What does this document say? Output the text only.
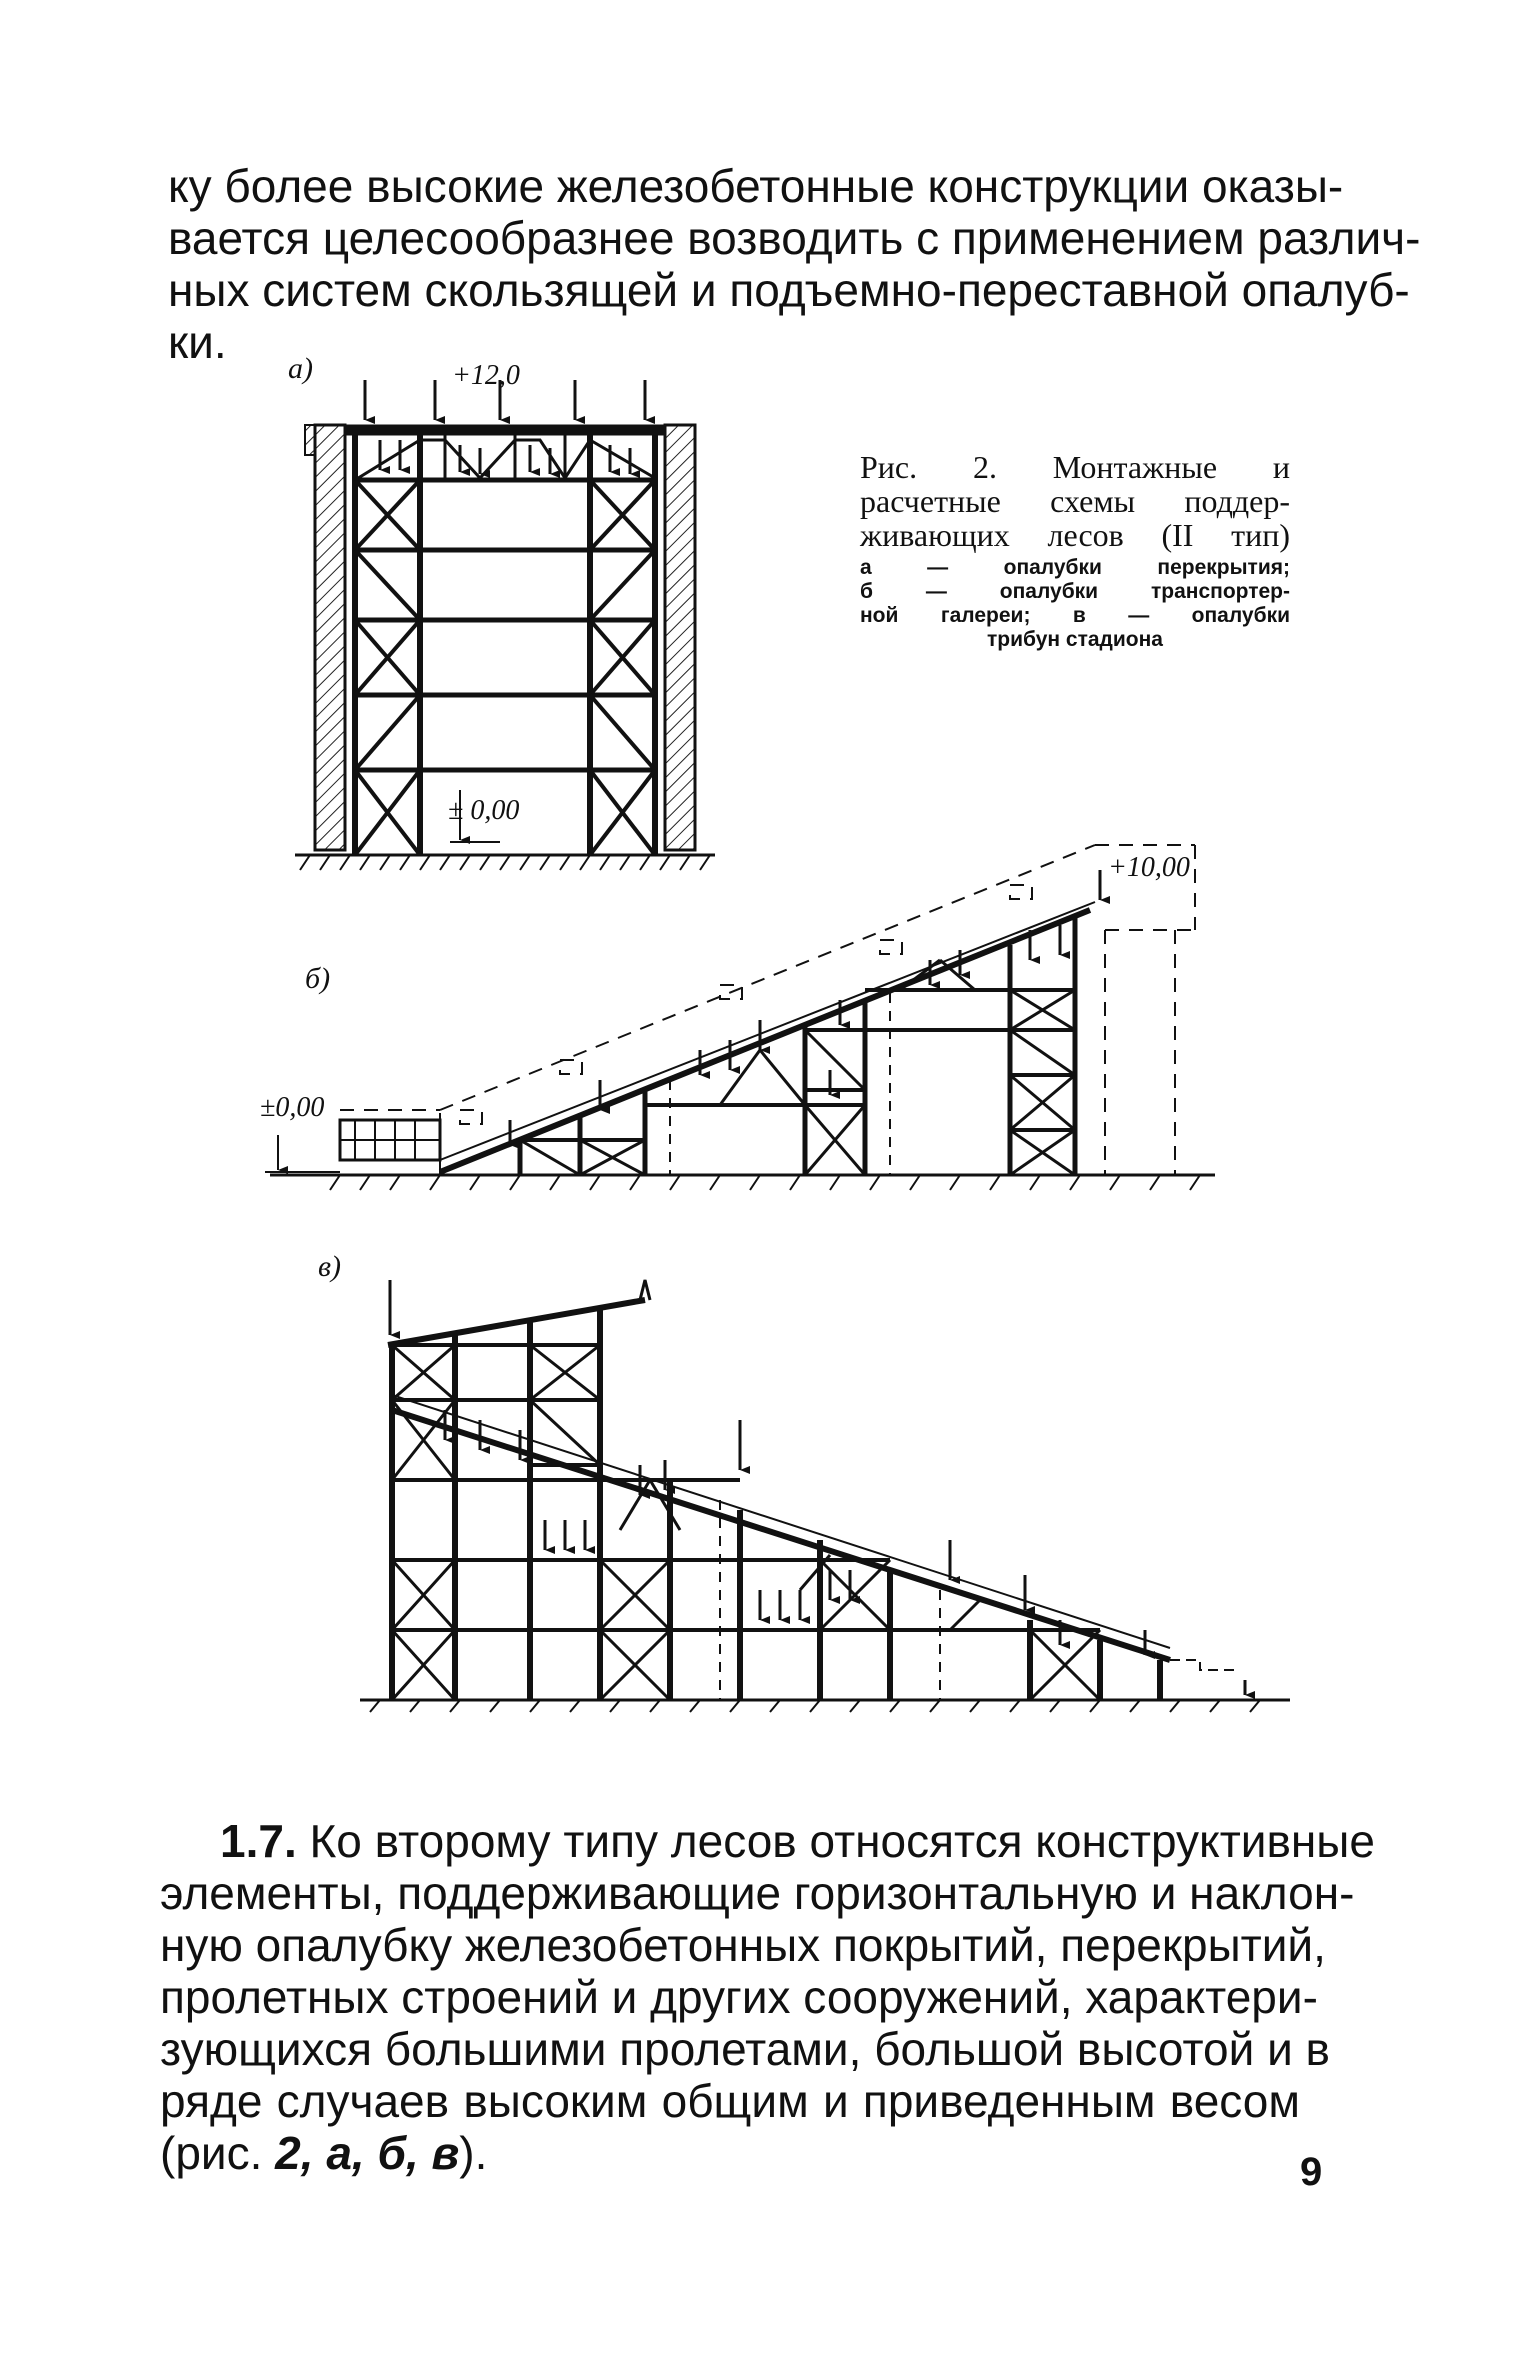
ку более высокие железобетонные конструкции оказы-
вается целесообразнее возводить с применением различ-
ных систем скользящей и подъемно-переставной опалуб-
ки.
а)	+12,0
± 0,00
б)
+10,00
±0,00
в)
Рис. 2. Монтажные и
расчетные схемы поддер-
живающих лесов (II тип)
а — опалубки перекрытия;
б — опалубки транспортер-
ной галереи; в — опалубки
трибун стадиона
1.7. Ко второму типу лесов относятся конструктивные
элементы, поддерживающие горизонтальную и наклон-
ную опалубку железобетонных покрытий, перекрытий,
пролетных строений и других сооружений, характери-
зующихся большими пролетами, большой высотой и в
ряде случаев высоким общим и приведенным весом
(рис. 2, а, б, в).	9
